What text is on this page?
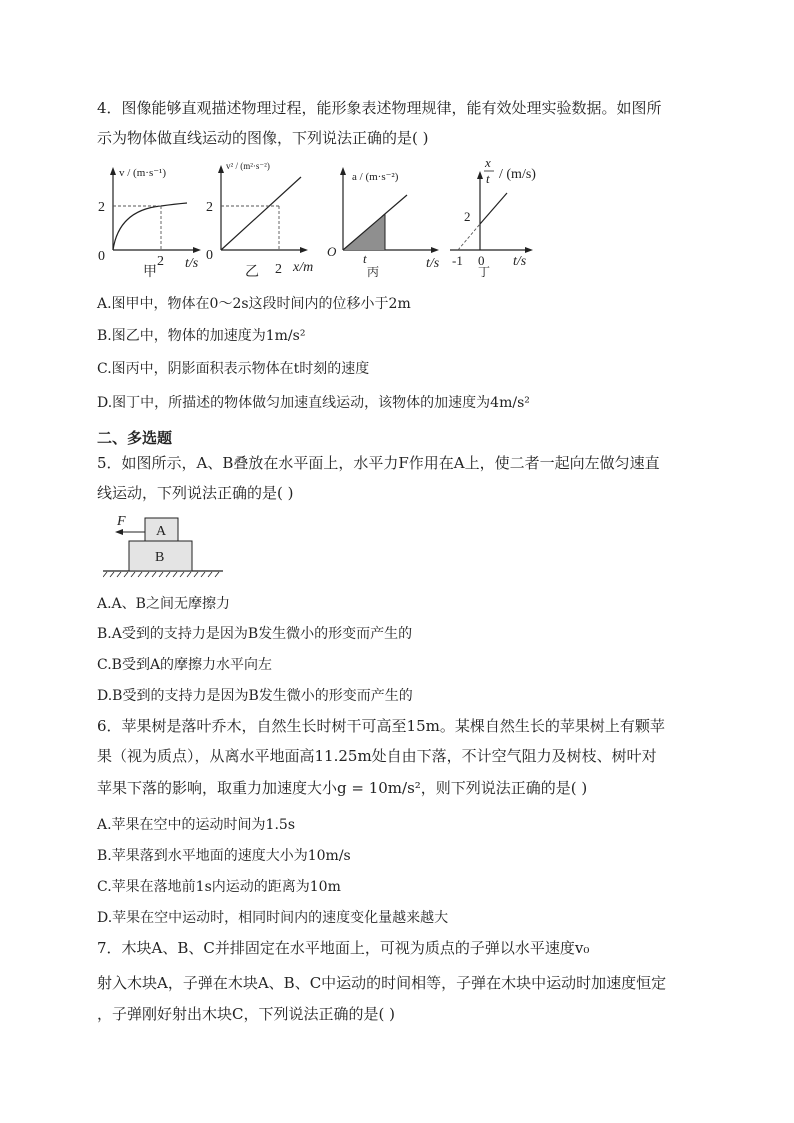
4．图像能够直观描述物理过程，能形象表述物理规律，能有效处理实验数据。如图所
示为物体做直线运动的图像，下列说法正确的是( )
v / (m·s⁻¹)
2
2
0	t/s
甲
v² / (m²·s⁻²)
2
0
2 x/m
乙
a / (m·s⁻²)
O t	t/s
丙
x
t / (m/s)
2
-1 0 t/s
丁
A.图甲中，物体在0～2s这段时间内的位移小于2m
B.图乙中，物体的加速度为1m/s²
C.图丙中，阴影面积表示物体在t时刻的速度
D.图丁中，所描述的物体做匀加速直线运动，该物体的加速度为4m/s²
二、多选题
5．如图所示，A、B叠放在水平面上，水平力F作用在A上，使二者一起向左做匀速直
线运动，下列说法正确的是( )
F
A
B
A.A、B之间无摩擦力
B.A受到的支持力是因为B发生微小的形变而产生的
C.B受到A的摩擦力水平向左
D.B受到的支持力是因为B发生微小的形变而产生的
6．苹果树是落叶乔木，自然生长时树干可高至15m。某棵自然生长的苹果树上有颗苹
果（视为质点），从离水平地面高11.25m处自由下落，不计空气阻力及树枝、树叶对
苹果下落的影响，取重力加速度大小g = 10m/s²，则下列说法正确的是( )
A.苹果在空中的运动时间为1.5s
B.苹果落到水平地面的速度大小为10m/s
C.苹果在落地前1s内运动的距离为10m
D.苹果在空中运动时，相同时间内的速度变化量越来越大
7．木块A、B、C并排固定在水平地面上，可视为质点的子弹以水平速度v₀
射入木块A，子弹在木块A、B、C中运动的时间相等，子弹在木块中运动时加速度恒定
，子弹刚好射出木块C，下列说法正确的是( )
